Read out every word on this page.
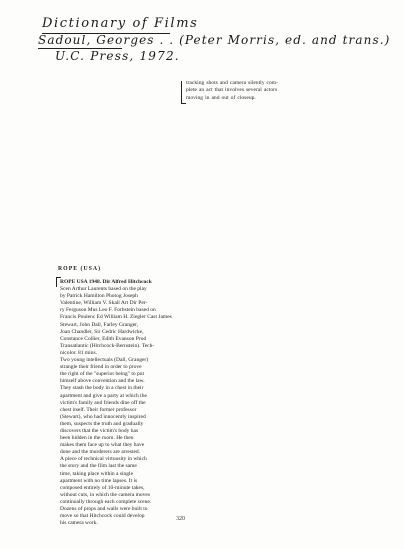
Dictionary of Films
Sadoul, Georges . . (Peter Morris, ed. and trans.)
U.C. Press, 1972.
tracking shots and camera silently com-
plete an act that involves several actors
moving in and out of closeup.
ROPE (USA)

ROPE USA 1948. Dir Alfred Hitchcock

Scen Arthur Laurents based on the play

by Patrick Hamilton Photog Joseph

Valentine, William V. Skall Art Dir Per-

ry Ferguson Mus Leo F. Forbstein based on

Francis Poulenc Ed William H. Ziegler Cast James

Stewart, John Dall, Farley Granger,

Joan Chandler, Sir Cedric Hardwicke,

Constance Collier, Edith Evanson Prod

Transatlantic (Hitchcock-Bernstein). Tech-

nicolor. 81 mins.

Two young intellectuals (Dall, Granger)

strangle their friend in order to prove

the right of the "superior being" to put

himself above convention and the law.

They stash the body in a chest in their

apartment and give a party at which the

victim's family and friends dine off the

chest itself. Their former professor

(Stewart), who had innocently inspired

them, suspects the truth and gradually

discovers that the victim's body has

been hidden in the room. He then

makes them face up to what they have

done and the murderers are arrested.

A piece of technical virtuosity in which

the story and the film last the same

time, taking place within a single

apartment with no time lapses. It is

composed entirely of 10-minute takes,

without cuts, in which the camera moves

continually through each complete scene.

Dozens of props and walls were built to

move so that Hitchcock could develop

his camera work.

320
